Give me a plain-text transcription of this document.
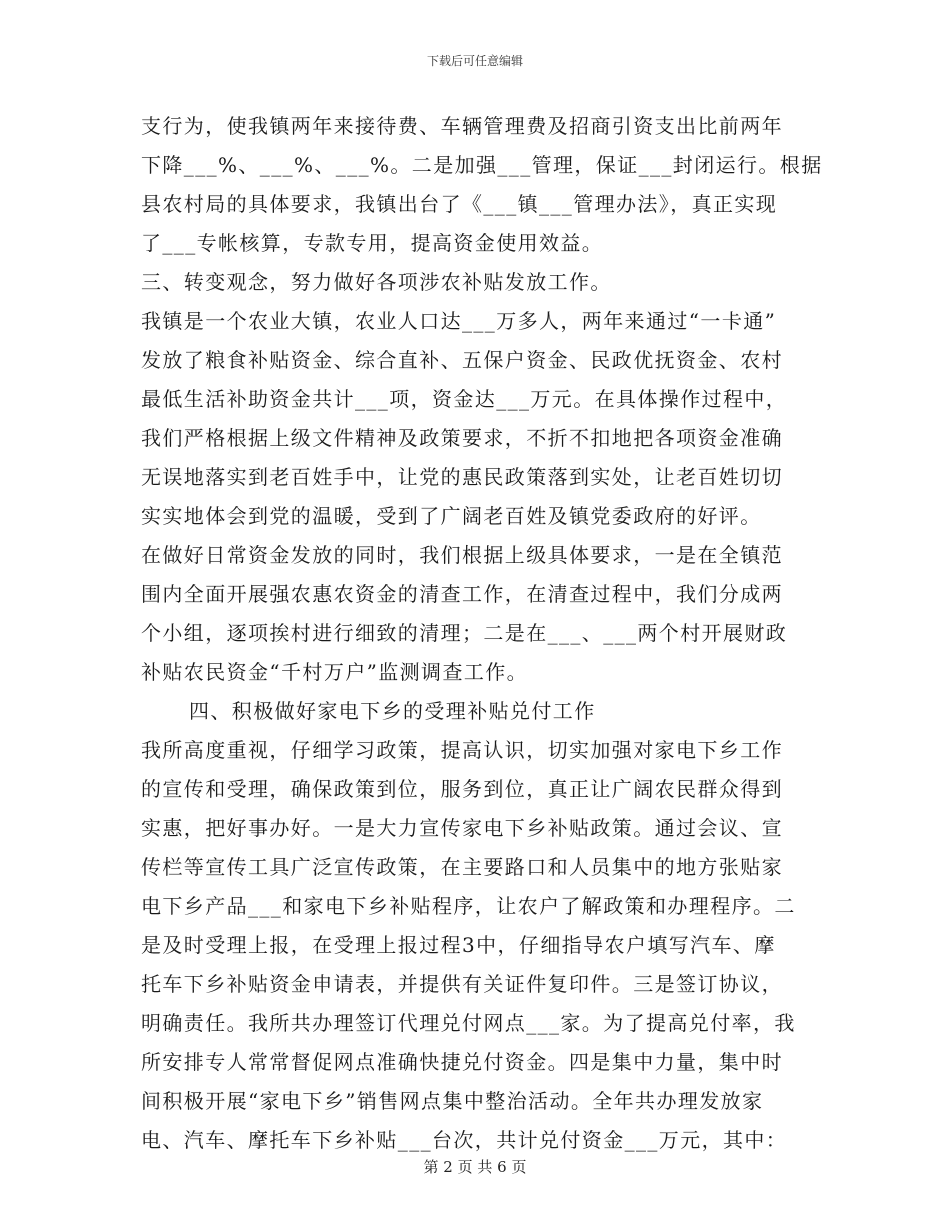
下载后可任意编辑
支行为，使我镇两年来接待费、车辆管理费及招商引资支出比前两年
下降___%、___%、___%。二是加强___管理，保证___封闭运行。根据
县农村局的具体要求，我镇出台了《___镇___管理办法》，真正实现
了___专帐核算，专款专用，提高资金使用效益。
三、转变观念，努力做好各项涉农补贴发放工作。
我镇是一个农业大镇，农业人口达___万多人，两年来通过“一卡通”
发放了粮食补贴资金、综合直补、五保户资金、民政优抚资金、农村
最低生活补助资金共计___项，资金达___万元。在具体操作过程中，
我们严格根据上级文件精神及政策要求，不折不扣地把各项资金准确
无误地落实到老百姓手中，让党的惠民政策落到实处，让老百姓切切
实实地体会到党的温暖，受到了广阔老百姓及镇党委政府的好评。
在做好日常资金发放的同时，我们根据上级具体要求，一是在全镇范
围内全面开展强农惠农资金的清查工作，在清查过程中，我们分成两
个小组，逐项挨村进行细致的清理；二是在___、___两个村开展财政
补贴农民资金“千村万户”监测调查工作。
四、积极做好家电下乡的受理补贴兑付工作
我所高度重视，仔细学习政策，提高认识，切实加强对家电下乡工作
的宣传和受理，确保政策到位，服务到位，真正让广阔农民群众得到
实惠，把好事办好。一是大力宣传家电下乡补贴政策。通过会议、宣
传栏等宣传工具广泛宣传政策，在主要路口和人员集中的地方张贴家
电下乡产品___和家电下乡补贴程序，让农户了解政策和办理程序。二
是及时受理上报，在受理上报过程3中，仔细指导农户填写汽车、摩
托车下乡补贴资金申请表，并提供有关证件复印件。三是签订协议，
明确责任。我所共办理签订代理兑付网点___家。为了提高兑付率，我
所安排专人常常督促网点准确快捷兑付资金。四是集中力量，集中时
间积极开展“家电下乡”销售网点集中整治活动。全年共办理发放家
电、汽车、摩托车下乡补贴___台次，共计兑付资金___万元，其中：
第 2 页 共 6 页
